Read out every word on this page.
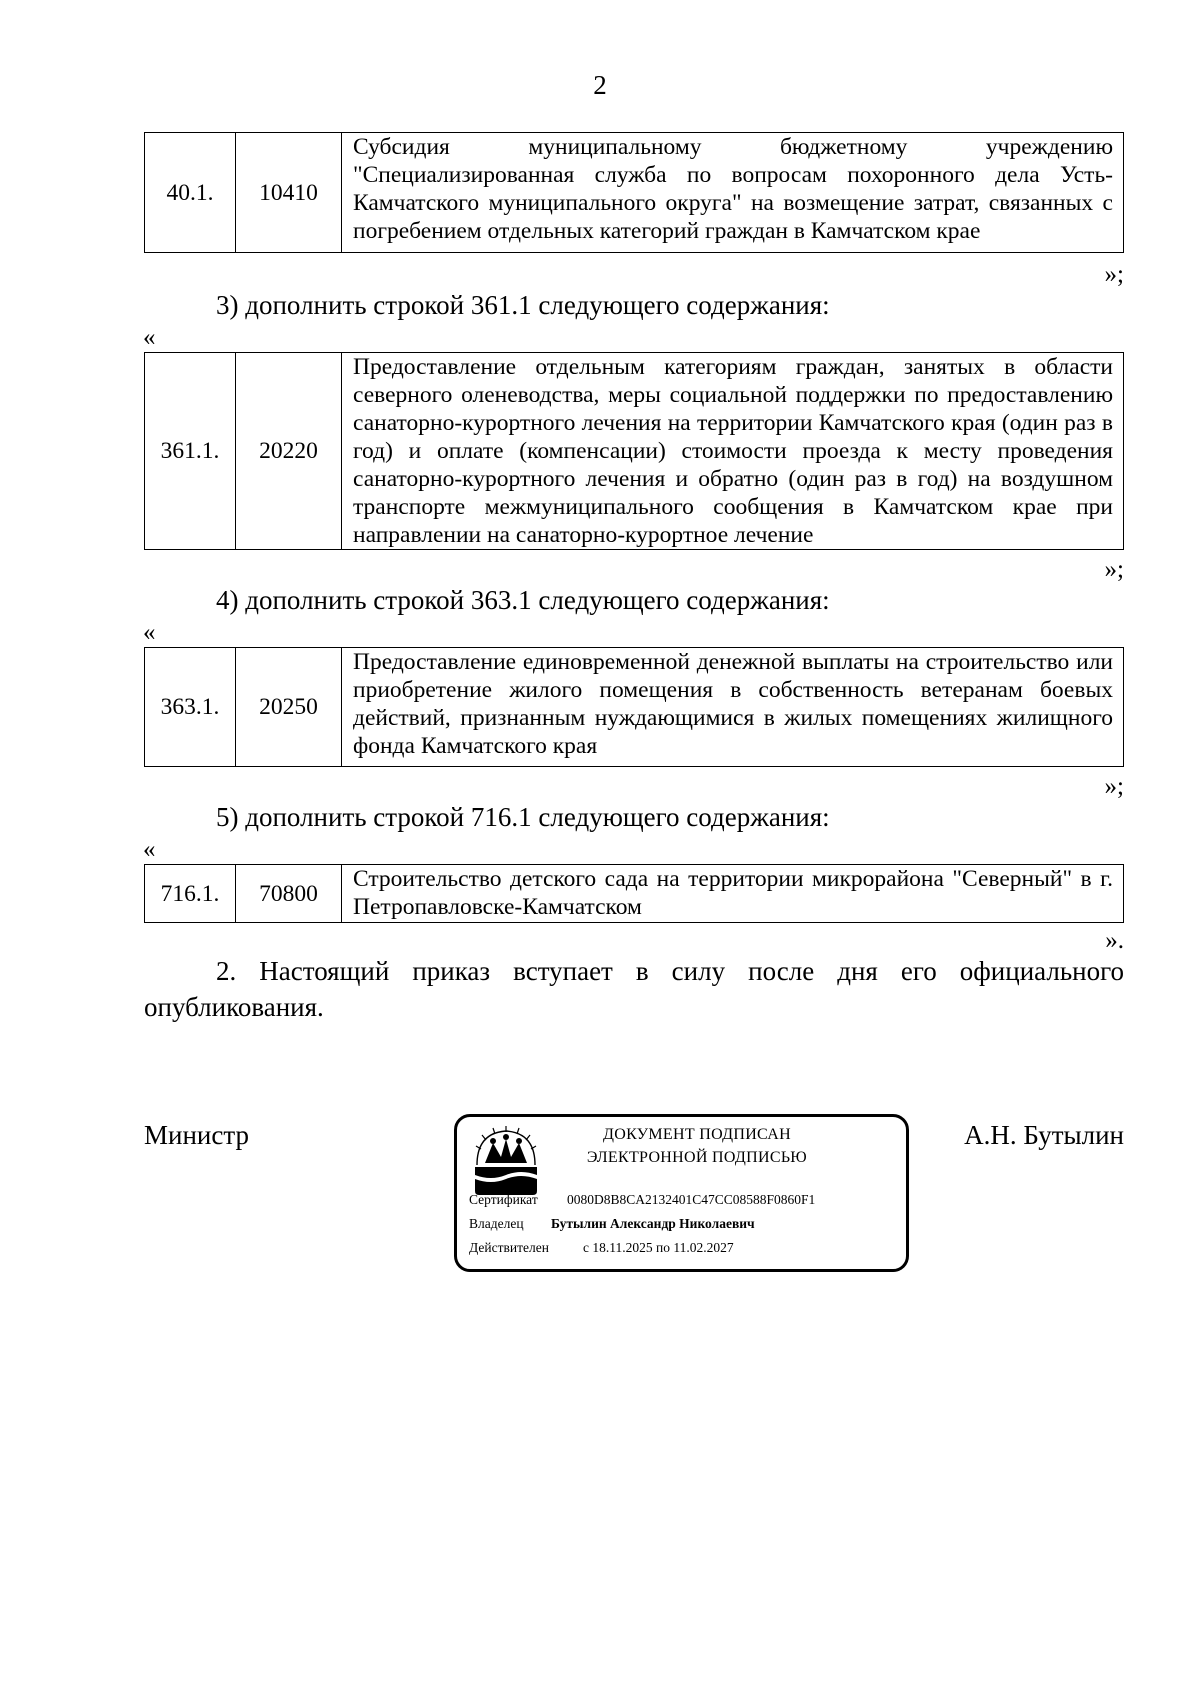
2
40.1.	10410	Субсидия муниципальному бюджетному учреждению "Специализированная служба по вопросам похоронного дела Усть-Камчатского муниципального округа" на возмещение затрат, связанных с погребением отдельных категорий граждан в Камчатском крае
»;
3) дополнить строкой 361.1 следующего содержания:
«
361.1.	20220	Предоставление отдельным категориям граждан, занятых в области северного оленеводства, меры социальной поддержки по предоставлению санаторно-курортного лечения на территории Камчатского края (один раз в год) и оплате (компенсации) стоимости проезда к месту проведения санаторно-курортного лечения и обратно (один раз в год) на воздушном транспорте межмуниципального сообщения в Камчатском крае при направлении на санаторно-курортное лечение
»;
4) дополнить строкой 363.1 следующего содержания:
«
363.1.	20250	Предоставление единовременной денежной выплаты на строительство или приобретение жилого помещения в собственность ветеранам боевых действий, признанным нуждающимися в жилых помещениях жилищного фонда Камчатского края
»;
5) дополнить строкой 716.1 следующего содержания:
«
716.1.	70800	Строительство детского сада на территории микрорайона "Северный" в г. Петропавловске-Камчатском
».
2. Настоящий приказ вступает в силу после дня его официального опубликования.
Министр	А.Н. Бутылин
ДОКУМЕНТ ПОДПИСАН
ЭЛЕКТРОННОЙ ПОДПИСЬЮ
Сертификат 0080D8B8CA2132401C47CC08588F0860F1
Владелец Бутылин Александр Николаевич
Действителен	с 18.11.2025 по 11.02.2027
